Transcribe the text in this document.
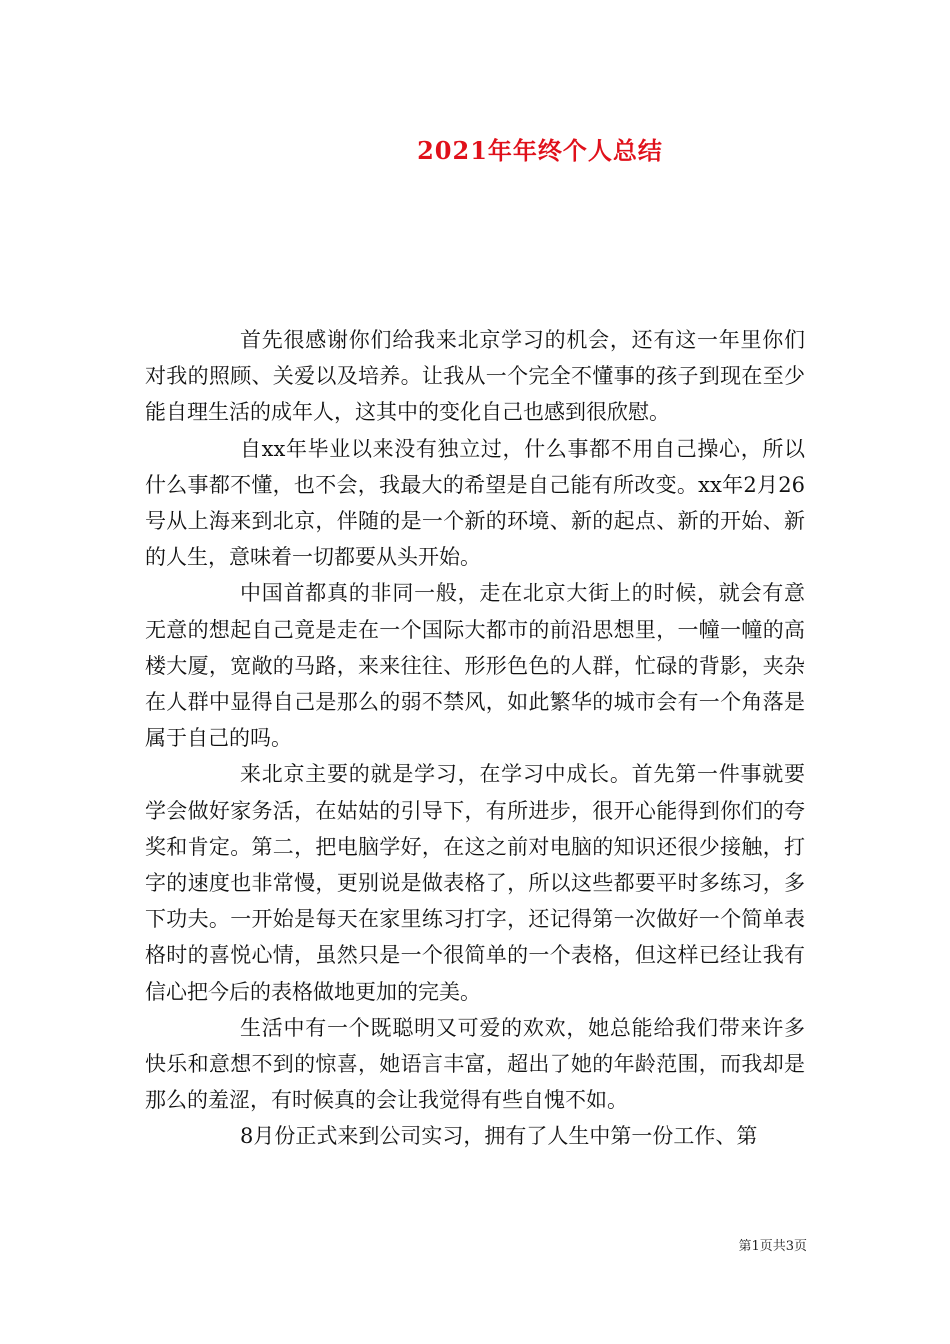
2021年年终个人总结

首先很感谢你们给我来北京学习的机会，还有这一年里你们对我的照顾、关爱以及培养。让我从一个完全不懂事的孩子到现在至少能自理生活的成年人，这其中的变化自己也感到很欣慰。

自xx年毕业以来没有独立过，什么事都不用自己操心，所以什么事都不懂，也不会，我最大的希望是自己能有所改变。xx年2月26号从上海来到北京，伴随的是一个新的环境、新的起点、新的开始、新的人生，意味着一切都要从头开始。

中国首都真的非同一般，走在北京大街上的时候，就会有意无意的想起自己竟是走在一个国际大都市的前沿思想里，一幢一幢的高楼大厦，宽敞的马路，来来往往、形形色色的人群，忙碌的背影，夹杂在人群中显得自己是那么的弱不禁风，如此繁华的城市会有一个角落是属于自己的吗。

来北京主要的就是学习，在学习中成长。首先第一件事就要学会做好家务活，在姑姑的引导下，有所进步，很开心能得到你们的夸奖和肯定。第二，把电脑学好，在这之前对电脑的知识还很少接触，打字的速度也非常慢，更别说是做表格了，所以这些都要平时多练习，多下功夫。一开始是每天在家里练习打字，还记得第一次做好一个简单表格时的喜悦心情，虽然只是一个很简单的一个表格，但这样已经让我有信心把今后的表格做地更加的完美。

生活中有一个既聪明又可爱的欢欢，她总能给我们带来许多快乐和意想不到的惊喜，她语言丰富，超出了她的年龄范围，而我却是那么的羞涩，有时候真的会让我觉得有些自愧不如。

8月份正式来到公司实习，拥有了人生中第一份工作、第

第1页共3页
